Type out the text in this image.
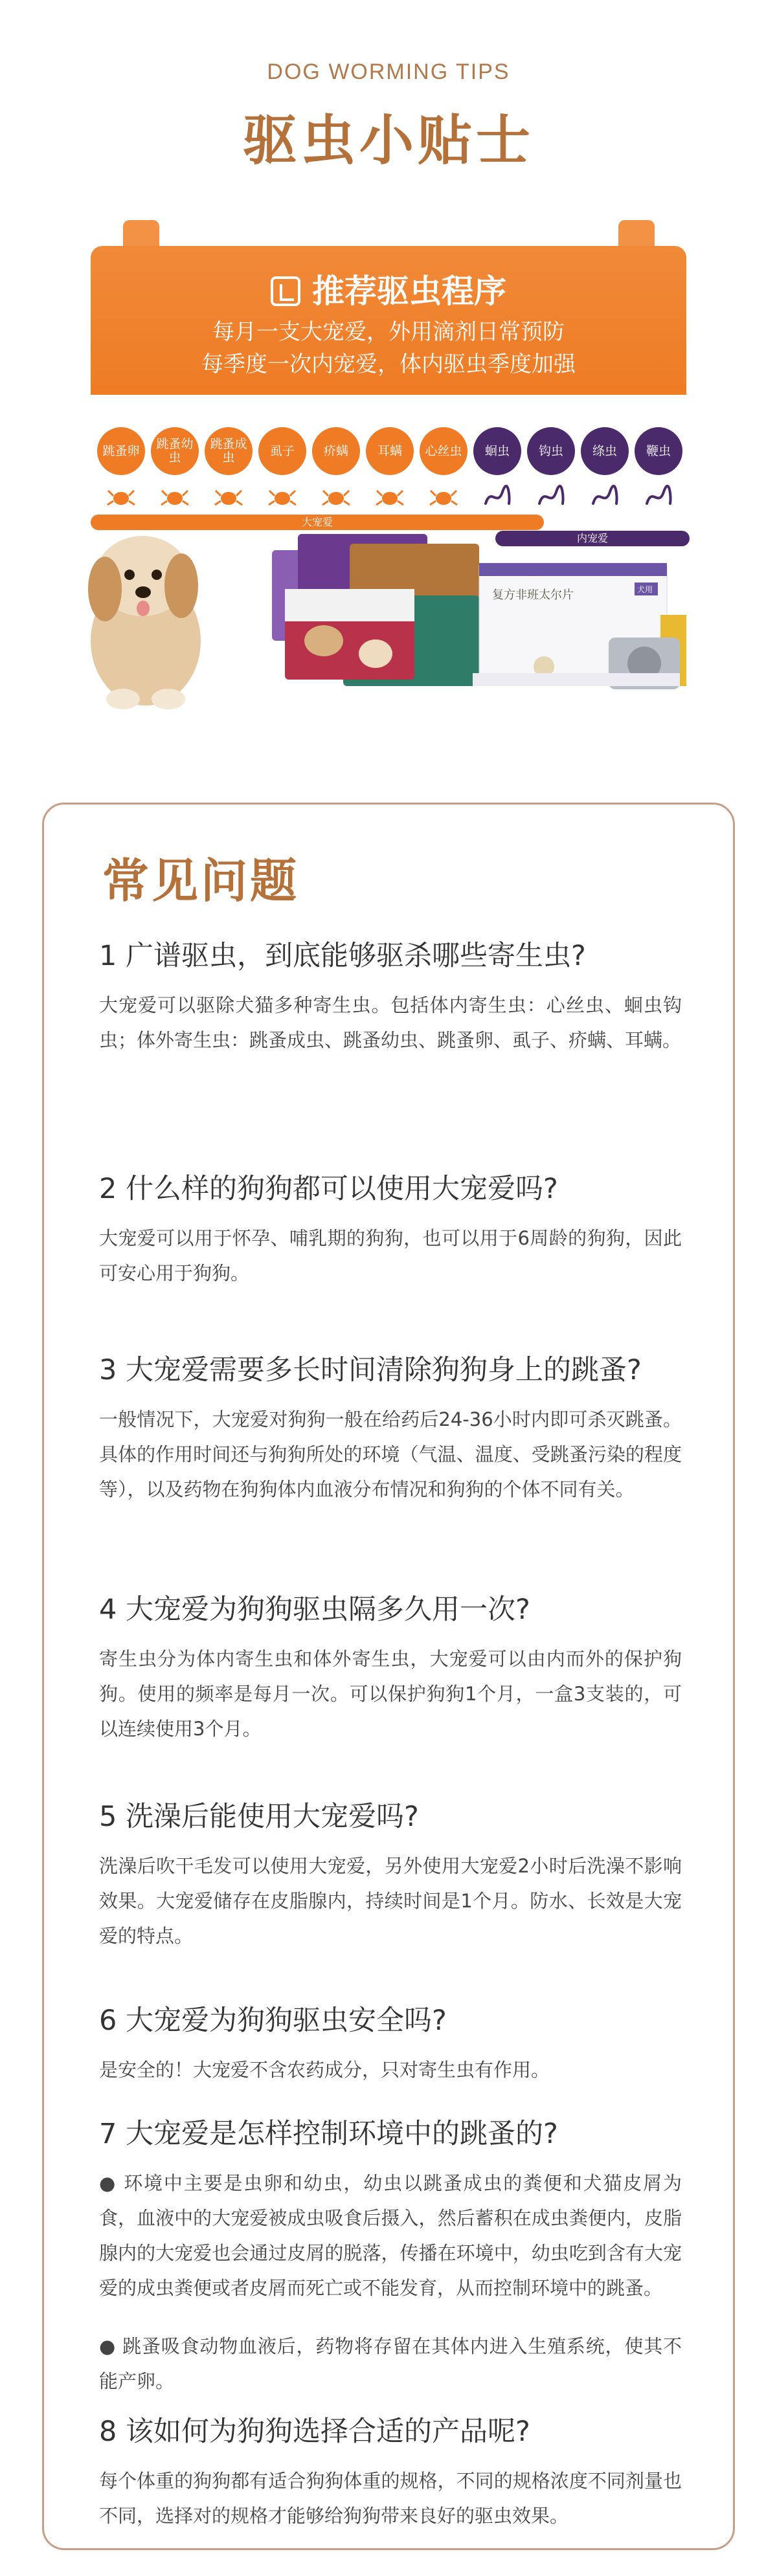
DOG WORMING TIPS
驱虫小贴士
推荐驱虫程序
每月一支大宠爱，外用滴剂日常预防
每季度一次内宠爱，体内驱虫季度加强
跳蚤卵	跳蚤幼虫
跳蚤成虫	虱子	疥螨	耳螨	心丝虫	蛔虫	钩虫	绦虫	鞭虫
大宠爱
内宠爱
复方非班太尔片	犬用
常见问题
1 广谱驱虫，到底能够驱杀哪些寄生虫?

大宠爱可以驱除犬猫多种寄生虫。包括体内寄生虫：心丝虫、蛔虫钩虫；体外寄生虫：跳蚤成虫、跳蚤幼虫、跳蚤卵、虱子、疥螨、耳螨。

2 什么样的狗狗都可以使用大宠爱吗?

大宠爱可以用于怀孕、哺乳期的狗狗，也可以用于6周龄的狗狗，因此可安心用于狗狗。

3 大宠爱需要多长时间清除狗狗身上的跳蚤?

一般情况下，大宠爱对狗狗一般在给药后24-36小时内即可杀灭跳蚤。具体的作用时间还与狗狗所处的环境（气温、温度、受跳蚤污染的程度等），以及药物在狗狗体内血液分布情况和狗狗的个体不同有关。

4 大宠爱为狗狗驱虫隔多久用一次?

寄生虫分为体内寄生虫和体外寄生虫，大宠爱可以由内而外的保护狗狗。使用的频率是每月一次。可以保护狗狗1个月，一盒3支装的，可以连续使用3个月。

5 洗澡后能使用大宠爱吗?

洗澡后吹干毛发可以使用大宠爱，另外使用大宠爱2小时后洗澡不影响效果。大宠爱储存在皮脂腺内，持续时间是1个月。防水、长效是大宠爱的特点。

6 大宠爱为狗狗驱虫安全吗?

是安全的！大宠爱不含农药成分，只对寄生虫有作用。

7 大宠爱是怎样控制环境中的跳蚤的?

● 环境中主要是虫卵和幼虫，幼虫以跳蚤成虫的粪便和犬猫皮屑为食，血液中的大宠爱被成虫吸食后摄入，然后蓄积在成虫粪便内，皮脂腺内的大宠爱也会通过皮屑的脱落，传播在环境中，幼虫吃到含有大宠爱的成虫粪便或者皮屑而死亡或不能发育，从而控制环境中的跳蚤。

● 跳蚤吸食动物血液后，药物将存留在其体内进入生殖系统，使其不能产卵。

8 该如何为狗狗选择合适的产品呢?

每个体重的狗狗都有适合狗狗体重的规格，不同的规格浓度不同剂量也不同，选择对的规格才能够给狗狗带来良好的驱虫效果。
